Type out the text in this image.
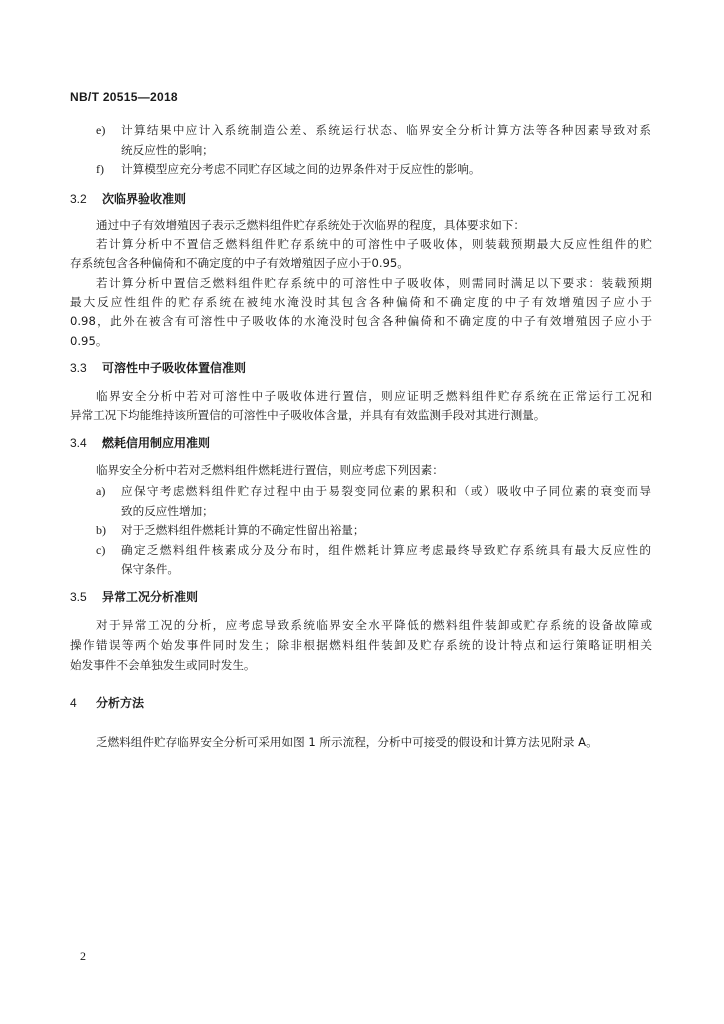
NB/T 20515—2018
e) 计算结果中应计入系统制造公差、系统运行状态、临界安全分析计算方法等各种因素导致对系
统反应性的影响；
f) 计算模型应充分考虑不同贮存区域之间的边界条件对于反应性的影响。
3.2 次临界验收准则
通过中子有效增殖因子表示乏燃料组件贮存系统处于次临界的程度，具体要求如下：
若计算分析中不置信乏燃料组件贮存系统中的可溶性中子吸收体，则装载预期最大反应性组件的贮
存系统包含各种偏倚和不确定度的中子有效增殖因子应小于0.95。
若计算分析中置信乏燃料组件贮存系统中的可溶性中子吸收体，则需同时满足以下要求：装载预期
最大反应性组件的贮存系统在被纯水淹没时其包含各种偏倚和不确定度的中子有效增殖因子应小于
0.98，此外在被含有可溶性中子吸收体的水淹没时包含各种偏倚和不确定度的中子有效增殖因子应小于
0.95。
3.3 可溶性中子吸收体置信准则
临界安全分析中若对可溶性中子吸收体进行置信，则应证明乏燃料组件贮存系统在正常运行工况和
异常工况下均能维持该所置信的可溶性中子吸收体含量，并具有有效监测手段对其进行测量。
3.4 燃耗信用制应用准则
临界安全分析中若对乏燃料组件燃耗进行置信，则应考虑下列因素：
a) 应保守考虑燃料组件贮存过程中由于易裂变同位素的累积和（或）吸收中子同位素的衰变而导
致的反应性增加；
b) 对于乏燃料组件燃耗计算的不确定性留出裕量；
c) 确定乏燃料组件核素成分及分布时，组件燃耗计算应考虑最终导致贮存系统具有最大反应性的
保守条件。
3.5 异常工况分析准则
对于异常工况的分析，应考虑导致系统临界安全水平降低的燃料组件装卸或贮存系统的设备故障或
操作错误等两个始发事件同时发生；除非根据燃料组件装卸及贮存系统的设计特点和运行策略证明相关
始发事件不会单独发生或同时发生。
4 分析方法
乏燃料组件贮存临界安全分析可采用如图 1 所示流程，分析中可接受的假设和计算方法见附录 A。
2
